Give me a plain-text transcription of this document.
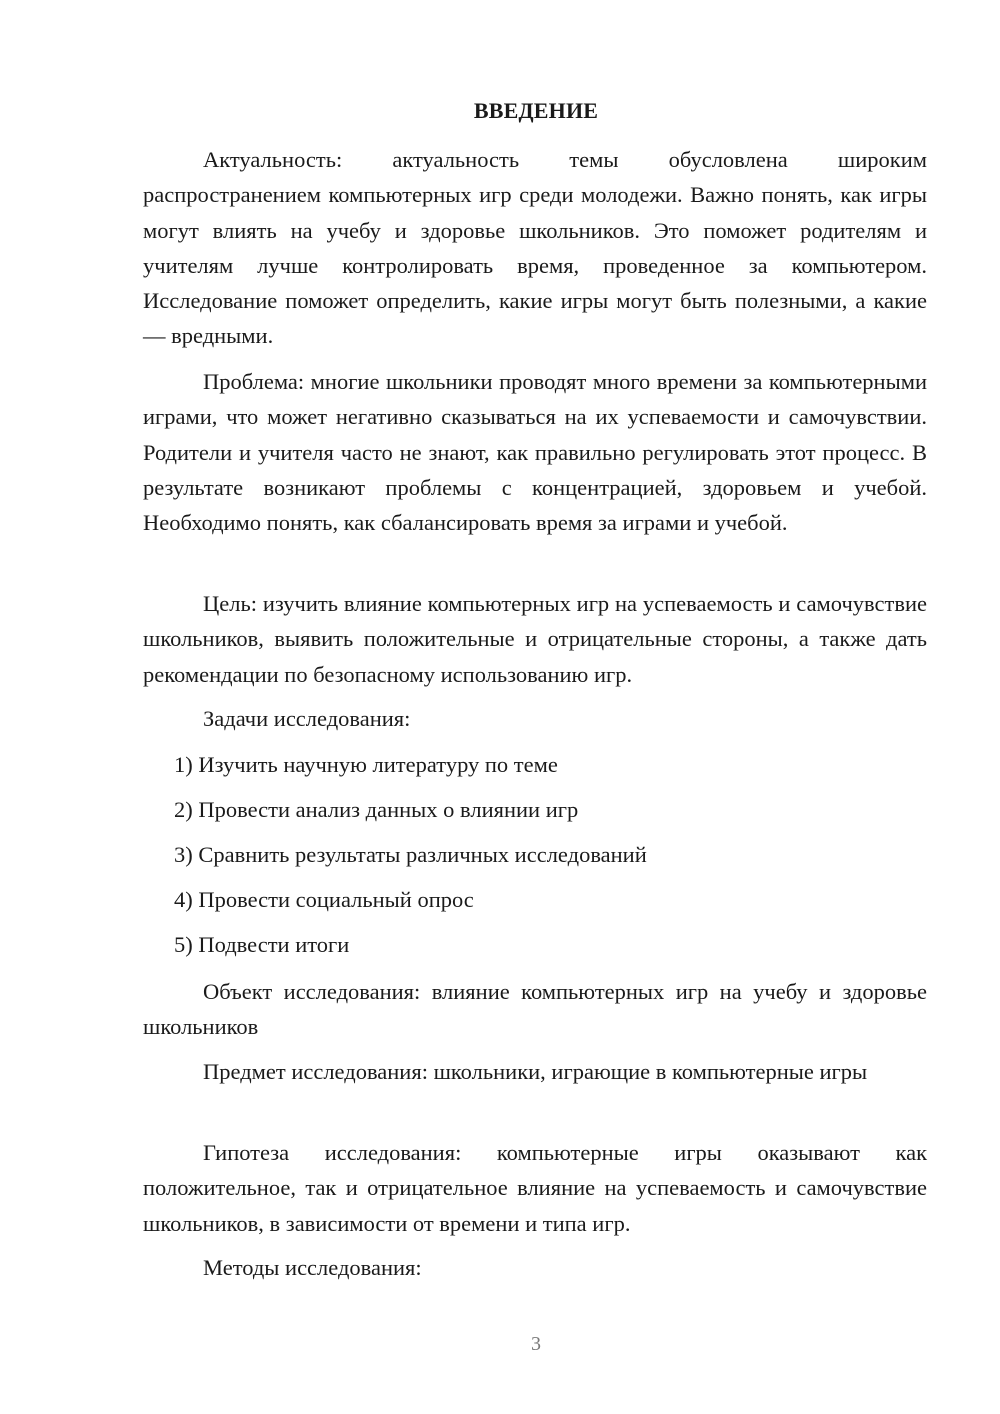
ВВЕДЕНИЕ

Актуальность: актуальность темы обусловлена широким распространением компьютерных игр среди молодежи. Важно понять, как игры могут влиять на учебу и здоровье школьников. Это поможет родителям и учителям лучше контролировать время, проведенное за компьютером. Исследование поможет определить, какие игры могут быть полезными, а какие — вредными.

Проблема: многие школьники проводят много времени за компьютерными играми, что может негативно сказываться на их успеваемости и самочувствии. Родители и учителя часто не знают, как правильно регулировать этот процесс. В результате возникают проблемы с концентрацией, здоровьем и учебой. Необходимо понять, как сбалансировать время за играми и учебой.

Цель: изучить влияние компьютерных игр на успеваемость и самочувствие школьников, выявить положительные и отрицательные стороны, а также дать рекомендации по безопасному использованию игр.

Задачи исследования:
1) Изучить научную литературу по теме
2) Провести анализ данных о влиянии игр
3) Сравнить результаты различных исследований
4) Провести социальный опрос
5) Подвести итоги

Объект исследования: влияние компьютерных игр на учебу и здоровье школьников

Предмет исследования: школьники, играющие в компьютерные игры

Гипотеза исследования: компьютерные игры оказывают как положительное, так и отрицательное влияние на успеваемость и самочувствие школьников, в зависимости от времени и типа игр.

Методы исследования:
3
